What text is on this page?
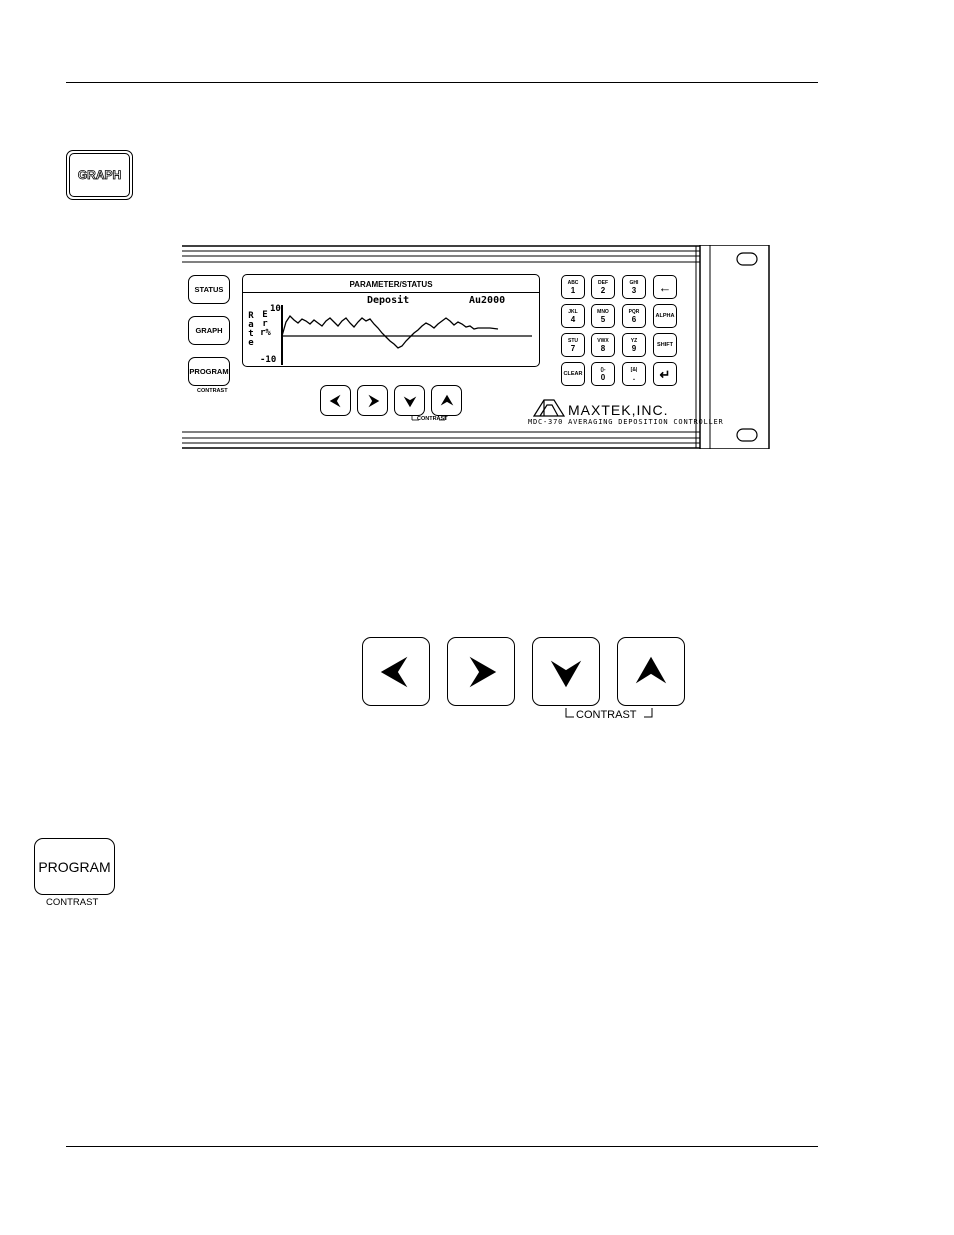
GRAPH
STATUS
GRAPH
PROGRAM
CONTRAST
PARAMETER/STATUS
Deposit	Au2000
Rate
Err%
10
-10
CONTRAST
ABC
1
DEF
2
GHI
3 ←
JKL
4
MNO
5
PQR
6	ALPHA
STU
7
VWX
8
YZ
9	SHIFT
CLEAR
()-
0
[&|
. ↵
MAXTEK,INC.
MDC-370 AVERAGING DEPOSITION CONTROLLER
CONTRAST
PROGRAM
CONTRAST
